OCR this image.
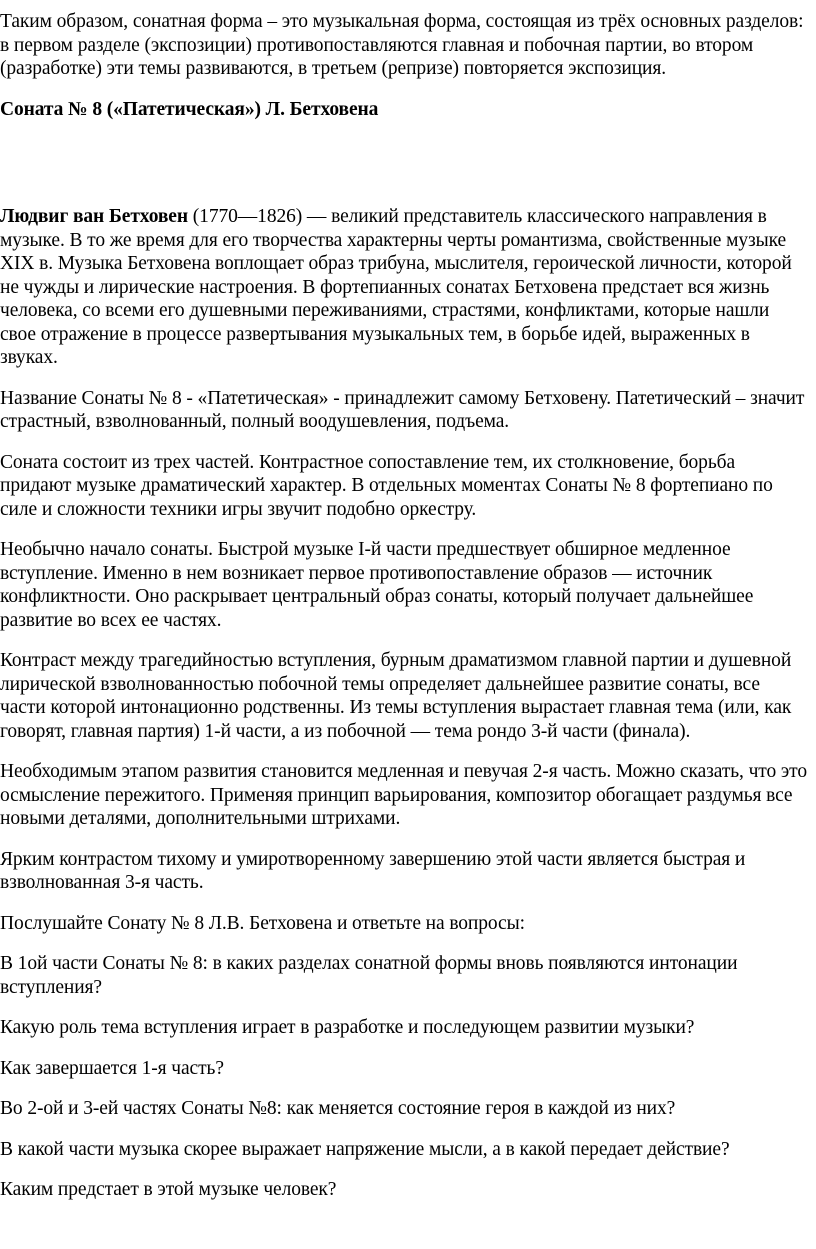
Таким образом, сонатная форма – это музыкальная форма, состоящая из трёх основных разделов: в первом разделе (экспозиции) противопоставляются главная и побочная партии, во втором (разработке) эти темы развиваются, в третьем (репризе) повторяется экспозиция.

Соната № 8 («Патетическая») Л. Бетховена

Людвиг ван Бетховен (1770—1826) — великий представитель классического направления в музыке. В то же время для его творчества характерны черты романтизма, свойственные музыке XIX в. Музыка Бетховена воплощает образ трибуна, мыслителя, героической личности, которой не чужды и лирические настроения. В фортепианных сонатах Бетховена предстает вся жизнь человека, со всеми его душевными переживаниями, страстями, конфликтами, которые нашли свое отражение в процессе развертывания музыкальных тем, в борьбе идей, выраженных в звуках.

Название Сонаты № 8 - «Патетическая» - принадлежит самому Бетховену. Патетический – значит страстный, взволнованный, полный воодушевления, подъема.

Соната состоит из трех частей. Контрастное сопоставление тем, их столкновение, борьба придают музыке драматический характер. В отдельных моментах Сонаты № 8 фортепиано по силе и сложности техники игры звучит подобно оркестру.

Необычно начало сонаты. Быстрой музыке I-й части предшествует обширное медленное вступление. Именно в нем возникает первое противопоставление образов — источник конфликтности. Оно раскрывает центральный образ сонаты, который получает дальнейшее развитие во всех ее частях.

Контраст между трагедийностью вступления, бурным драматизмом главной партии и душевной лирической взволнованностью побочной темы определяет дальнейшее развитие сонаты, все части которой интонационно родственны. Из темы вступления вырастает главная тема (или, как говорят, главная партия) 1-й части, а из побочной — тема рондо 3-й части (финала).

Необходимым этапом развития становится медленная и певучая 2-я часть. Можно сказать, что это осмысление пережитого. Применяя принцип варьирования, композитор обогащает раздумья все новыми деталями, дополнительными штрихами.

Ярким контрастом тихому и умиротворенному завершению этой части является быстрая и взволнованная 3-я часть.

Послушайте Сонату № 8 Л.В. Бетховена и ответьте на вопросы:

В 1ой части Сонаты № 8: в каких разделах сонатной формы вновь появляются интонации вступления?

Какую роль тема вступления играет в разработке и последующем развитии музыки?

Как завершается 1-я часть?

Во 2-ой и 3-ей частях Сонаты №8: как меняется состояние героя в каждой из них?

В какой части музыка скорее выражает напряжение мысли, а в какой передает действие?

Каким предстает в этой музыке человек?
